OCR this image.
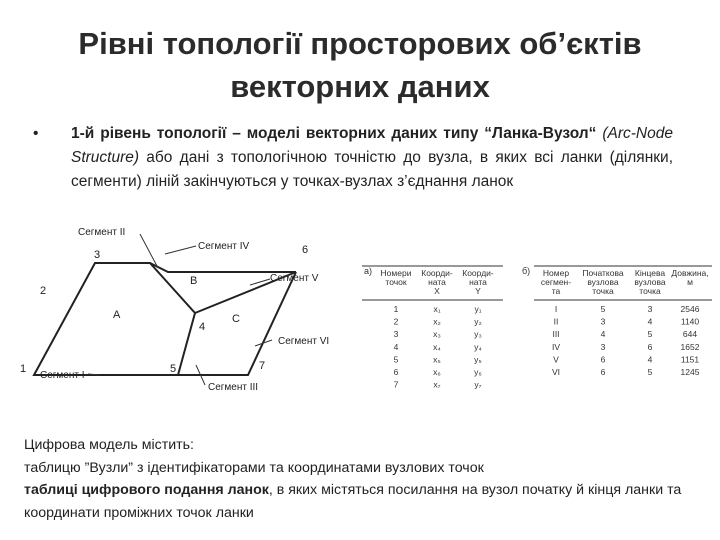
Рівні топології просторових об’єктів
векторних даних
• 1-й рівень топології – моделі векторних даних типу “Ланка-Вузол“ (Arc-Node Structure) або дані з топологічною точністю до вузла, в яких всі ланки (ділянки, сегменти) ліній закінчуються у точках-вузлах з’єднання ланок
Сегмент II
Сегмент IV
Сегмент V
Сегмент VI
Сегмент I
Сегмент III
1
2
3
4
5
6
7
A
B
C
а) Номери
точок
Коорди-
ната
X
Коорди-
ната
Y
1	x₁	y₁
2	x₂	y₂
3	x₃	y₃
4	x₄	y₄
5	x₅	y₅
6	x₆	y₆
7	x₇	y₇
б) Номер
сегмен-
та
Початкова
вузлова
точка
Кінцева
вузлова
точка
Довжина,
м
I	5	3	2546
II	3	4	1140
III	4	5	644
IV	3	6	1652
V	6	4	1151
VI	6	5	1245
Цифрова модель містить:
таблицю ”Вузли” з ідентифікаторами та координатами вузлових точок
таблиці цифрового подання ланок, в яких містяться посилання на вузол початку й кінця ланки та координати проміжних точок ланки
